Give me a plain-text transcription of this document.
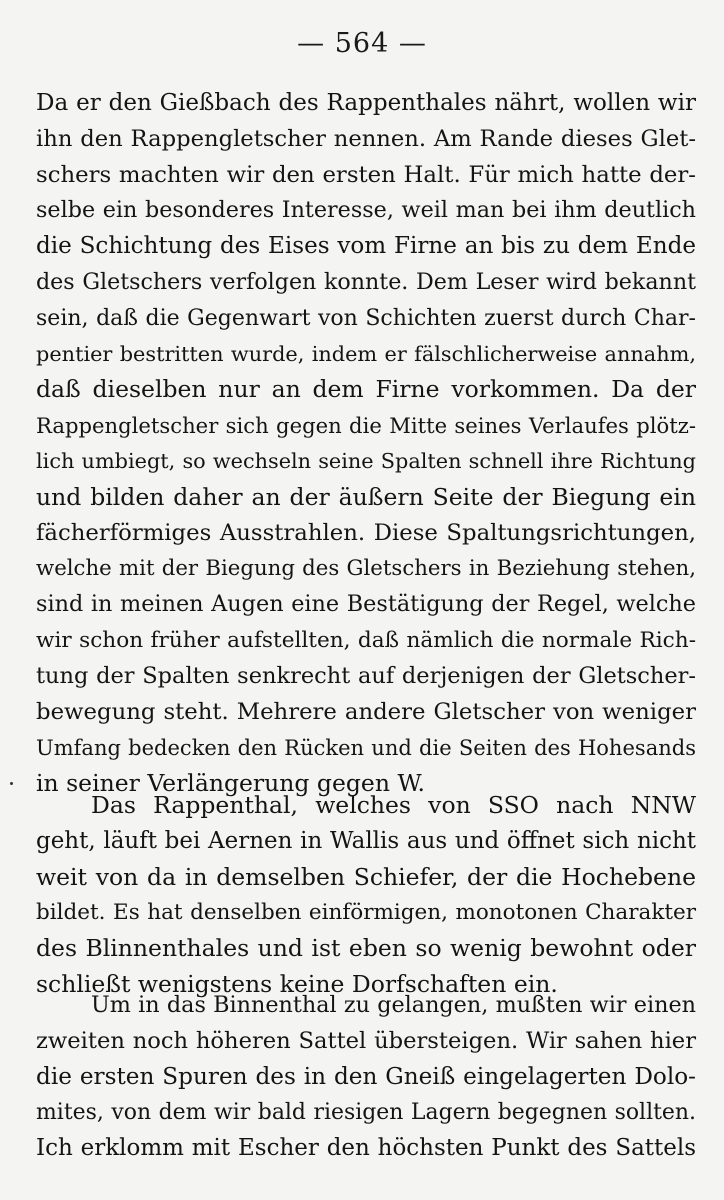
— 564 —
Da er den Gießbach des Rappenthales nährt, wollen wir
ihn den Rappengletscher nennen. Am Rande dieses Glet-
schers machten wir den ersten Halt. Für mich hatte der-
selbe ein besonderes Interesse, weil man bei ihm deutlich
die Schichtung des Eises vom Firne an bis zu dem Ende
des Gletschers verfolgen konnte. Dem Leser wird bekannt
sein, daß die Gegenwart von Schichten zuerst durch Char-
pentier bestritten wurde, indem er fälschlicherweise annahm,
daß dieselben nur an dem Firne vorkommen. Da der
Rappengletscher sich gegen die Mitte seines Verlaufes plötz-
lich umbiegt, so wechseln seine Spalten schnell ihre Richtung
und bilden daher an der äußern Seite der Biegung ein
fächerförmiges Ausstrahlen. Diese Spaltungsrichtungen,
welche mit der Biegung des Gletschers in Beziehung stehen,
sind in meinen Augen eine Bestätigung der Regel, welche
wir schon früher aufstellten, daß nämlich die normale Rich-
tung der Spalten senkrecht auf derjenigen der Gletscher-
bewegung steht. Mehrere andere Gletscher von weniger
Umfang bedecken den Rücken und die Seiten des Hohesands
in seiner Verlängerung gegen W.
Das Rappenthal, welches von SSO nach NNW
geht, läuft bei Aernen in Wallis aus und öffnet sich nicht
weit von da in demselben Schiefer, der die Hochebene
bildet. Es hat denselben einförmigen, monotonen Charakter
des Blinnenthales und ist eben so wenig bewohnt oder
schließt wenigstens keine Dorfschaften ein.
Um in das Binnenthal zu gelangen, mußten wir einen
zweiten noch höheren Sattel übersteigen. Wir sahen hier
die ersten Spuren des in den Gneiß eingelagerten Dolo-
mites, von dem wir bald riesigen Lagern begegnen sollten.
Ich erklomm mit Escher den höchsten Punkt des Sattels
